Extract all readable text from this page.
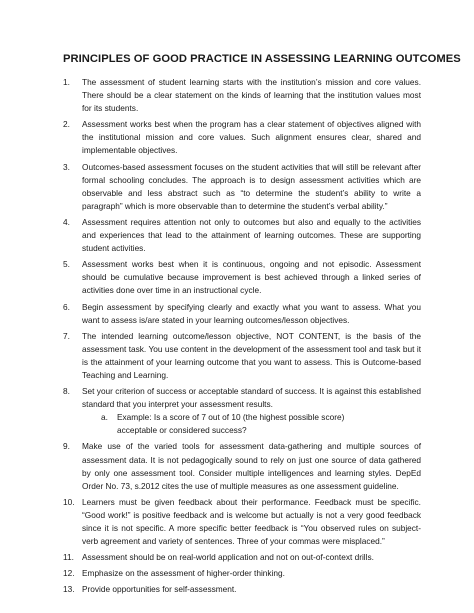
PRINCIPLES OF GOOD PRACTICE IN ASSESSING LEARNING OUTCOMES
1.	The assessment of student learning starts with the institution’s mission and core values. There should be a clear statement on the kinds of learning that the institution values most for its students.
2.	Assessment works best when the program has a clear statement of objectives aligned with the institutional mission and core values. Such alignment ensures clear, shared and implementable objectives.
3.	Outcomes-based assessment focuses on the student activities that will still be relevant after formal schooling concludes. The approach is to design assessment activities which are observable and less abstract such as “to determine the student’s ability to write a paragraph” which is more observable than to determine the student’s verbal ability.”
4.	Assessment requires attention not only to outcomes but also and equally to the activities and experiences that lead to the attainment of learning outcomes. These are supporting student activities.
5.	Assessment works best when it is continuous, ongoing and not episodic. Assessment should be cumulative because improvement is best achieved through a linked series of activities done over time in an instructional cycle.
6.	Begin assessment by specifying clearly and exactly what you want to assess. What you want to assess is/are stated in your learning outcomes/lesson objectives.
7.	The intended learning outcome/lesson objective, NOT CONTENT, is the basis of the assessment task. You use content in the development of the assessment tool and task but it is the attainment of your learning outcome that you want to assess. This is Outcome-based Teaching and Learning.
8.	Set your criterion of success or acceptable standard of success. It is against this established standard that you interpret your assessment results.
a. Example: Is a score of 7 out of 10 (the highest possible score) acceptable or considered success?
9.	Make use of the varied tools for assessment data-gathering and multiple sources of assessment data. It is not pedagogically sound to rely on just one source of data gathered by only one assessment tool. Consider multiple intelligences and learning styles. DepEd Order No. 73, s.2012 cites the use of multiple measures as one assessment guideline.
10. Learners must be given feedback about their performance. Feedback must be specific. “Good work!” is positive feedback and is welcome but actually is not a very good feedback since it is not specific. A more specific better feedback is “You observed rules on subject-verb agreement and variety of sentences. Three of your commas were misplaced.”
11. Assessment should be on real-world application and not on out-of-context drills.
12. Emphasize on the assessment of higher-order thinking.
13. Provide opportunities for self-assessment.
